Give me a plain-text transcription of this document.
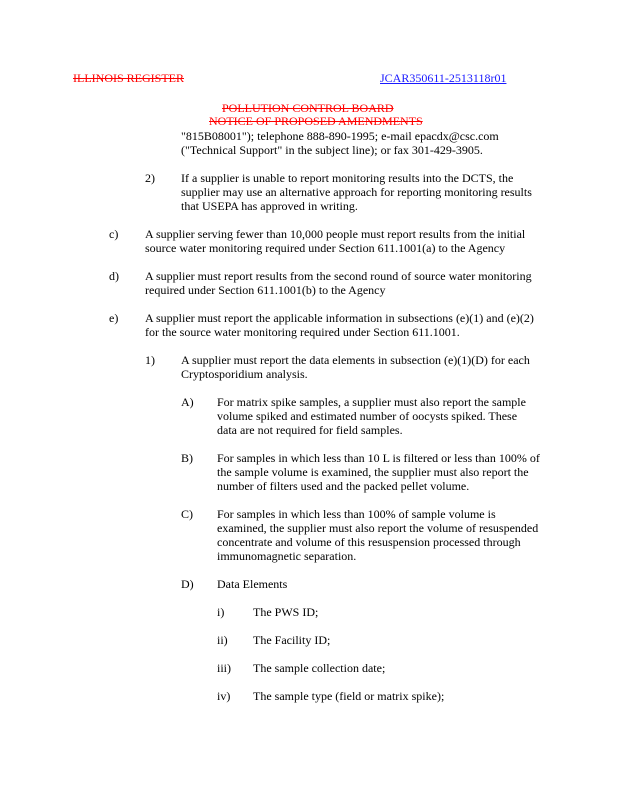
ILLINOIS REGISTER	JCAR350611-2513118r01
POLLUTION CONTROL BOARD
NOTICE OF PROPOSED AMENDMENTS
"815B08001"); telephone 888-890-1995; e-mail epacdx@csc.com
("Technical Support" in the subject line); or fax 301-429-3905.
2) If a supplier is unable to report monitoring results into the DCTS, the
supplier may use an alternative approach for reporting monitoring results
that USEPA has approved in writing.
c) A supplier serving fewer than 10,000 people must report results from the initial
source water monitoring required under Section 611.1001(a) to the Agency
d) A supplier must report results from the second round of source water monitoring
required under Section 611.1001(b) to the Agency
e) A supplier must report the applicable information in subsections (e)(1) and (e)(2)
for the source water monitoring required under Section 611.1001.
1) A supplier must report the data elements in subsection (e)(1)(D) for each
Cryptosporidium analysis.
A) For matrix spike samples, a supplier must also report the sample
volume spiked and estimated number of oocysts spiked. These
data are not required for field samples.
B) For samples in which less than 10 L is filtered or less than 100% of
the sample volume is examined, the supplier must also report the
number of filters used and the packed pellet volume.
C) For samples in which less than 100% of sample volume is
examined, the supplier must also report the volume of resuspended
concentrate and volume of this resuspension processed through
immunomagnetic separation.
D) Data Elements
i) The PWS ID;
ii) The Facility ID;
iii) The sample collection date;
iv) The sample type (field or matrix spike);
